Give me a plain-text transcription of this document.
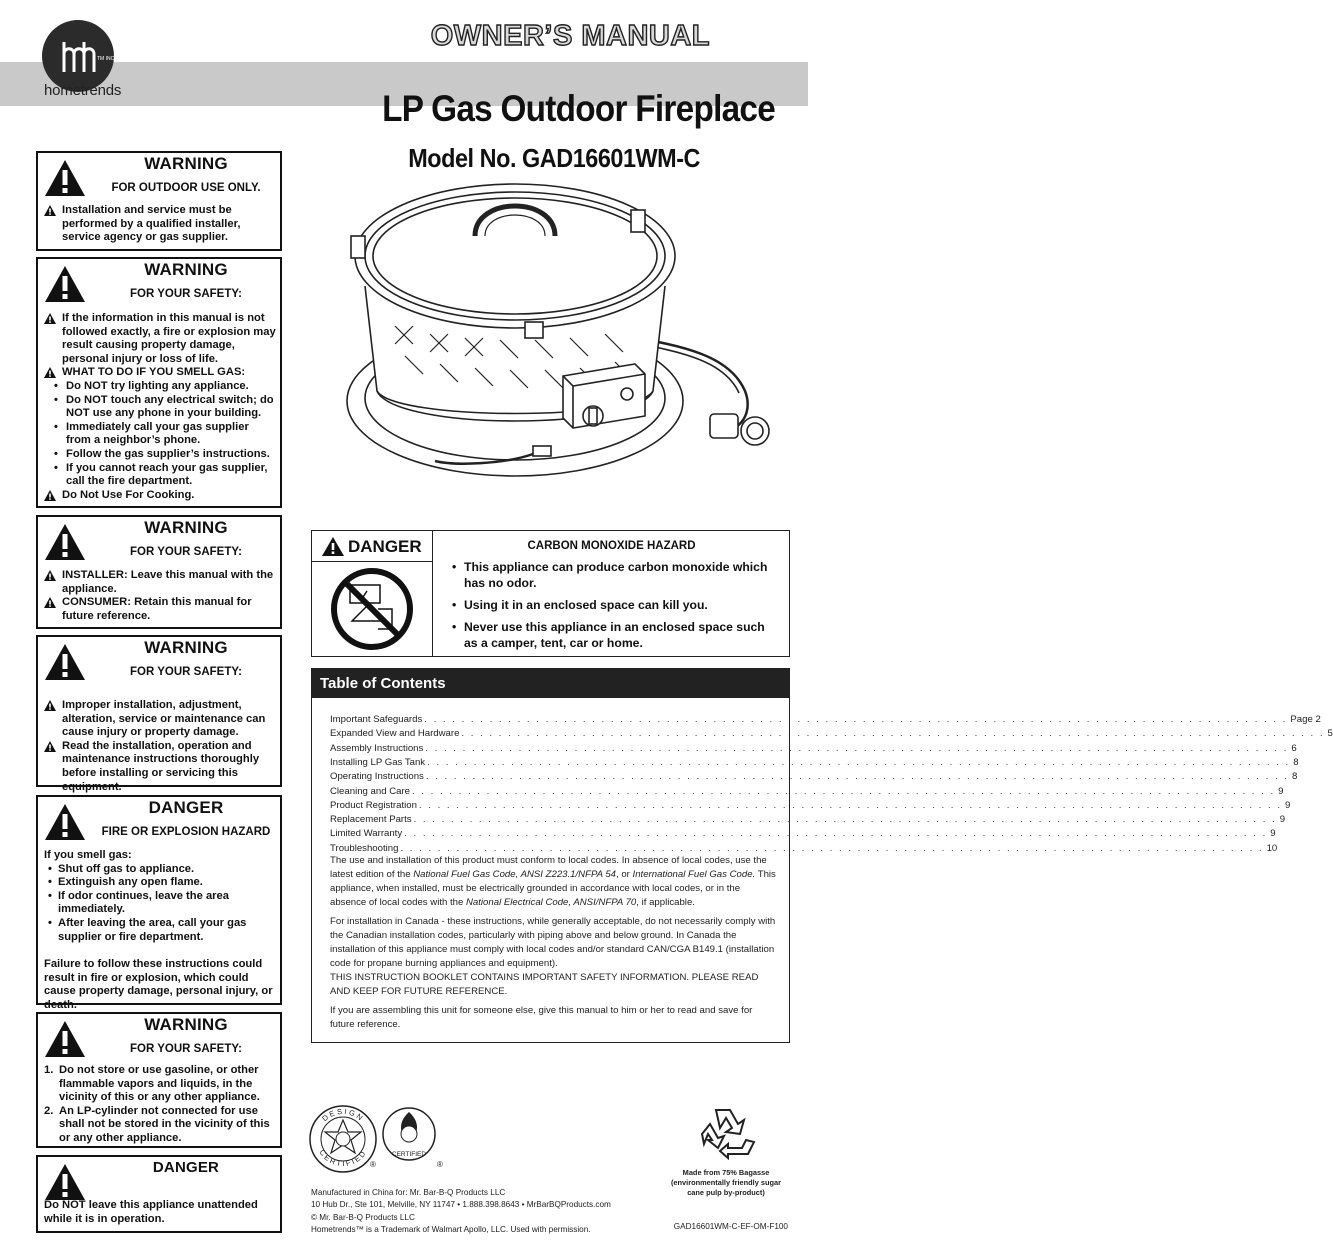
TM INC
hometrends
OWNER’S MANUAL
LP Gas Outdoor Fireplace
Model No. GAD16601WM-C
WARNING
FOR OUTDOOR USE ONLY.

Installation and service must be performed by a qualified installer, service agency or gas supplier.

WARNING
FOR YOUR SAFETY:

If the information in this manual is not followed exactly, a fire or explosion may result causing property damage, personal injury or loss of life.

WHAT TO DO IF YOU SMELL GAS:

• Do NOT try lighting any appliance.

• Do NOT touch any electrical switch; do NOT use any phone in your building.

• Immediately call your gas supplier from a neighbor’s phone.

• Follow the gas supplier’s instructions.

• If you cannot reach your gas supplier, call the fire department.

Do Not Use For Cooking.

WARNING
FOR YOUR SAFETY:

INSTALLER: Leave this manual with the appliance.

CONSUMER: Retain this manual for future reference.

WARNING
FOR YOUR SAFETY:

Improper installation, adjustment, alteration, service or maintenance can cause injury or property damage.

Read the installation, operation and maintenance instructions thoroughly before installing or servicing this equipment.

DANGER
FIRE OR EXPLOSION HAZARD

If you smell gas:

• Shut off gas to appliance.

• Extinguish any open flame.

• If odor continues, leave the area immediately.

• After leaving the area, call your gas supplier or fire department.

Failure to follow these instructions could result in fire or explosion, which could cause property damage, personal injury, or death.

WARNING
FOR YOUR SAFETY:

1. Do not store or use gasoline, or other flammable vapors and liquids, in the vicinity of this or any other appliance.

2. An LP-cylinder not connected for use shall not be stored in the vicinity of this or any other appliance.

DANGER
Do NOT leave this appliance unattended while it is in operation.
DANGER	CARBON MONOXIDE HAZARD
• This appliance can produce carbon monoxide which has no odor.
• Using it in an enclosed space can kill you.
• Never use this appliance in an enclosed space such as a camper, tent, car or home.
Table of Contents
Important Safeguards . . . . . . . . . . . . . . . . . . . . . . . . . . . . . . . . . . . . . . . . . . . . . . . . . . . . . . . . . . . . . . . . . . . . . . . . . . . . . . . . . . . . . . . . . . . . . Page 2
Expanded View and Hardware . . . . . . . . . . . . . . . . . . . . . . . . . . . . . . . . . . . . . . . . . . . . . . . . . . . . . . . . . . . . . . . . . . . . . . . . . . . . . . . . . . . . . . . . . . . . . 5
Assembly Instructions . . . . . . . . . . . . . . . . . . . . . . . . . . . . . . . . . . . . . . . . . . . . . . . . . . . . . . . . . . . . . . . . . . . . . . . . . . . . . . . . . . . . . . . . . . . . . 6
Installing LP Gas Tank . . . . . . . . . . . . . . . . . . . . . . . . . . . . . . . . . . . . . . . . . . . . . . . . . . . . . . . . . . . . . . . . . . . . . . . . . . . . . . . . . . . . . . . . . . . . . 8
Operating Instructions . . . . . . . . . . . . . . . . . . . . . . . . . . . . . . . . . . . . . . . . . . . . . . . . . . . . . . . . . . . . . . . . . . . . . . . . . . . . . . . . . . . . . . . . . . . . . 8
Cleaning and Care . . . . . . . . . . . . . . . . . . . . . . . . . . . . . . . . . . . . . . . . . . . . . . . . . . . . . . . . . . . . . . . . . . . . . . . . . . . . . . . . . . . . . . . . . . . . . 9
Product Registration . . . . . . . . . . . . . . . . . . . . . . . . . . . . . . . . . . . . . . . . . . . . . . . . . . . . . . . . . . . . . . . . . . . . . . . . . . . . . . . . . . . . . . . . . . . . . 9
Replacement Parts . . . . . . . . . . . . . . . . . . . . . . . . . . . . . . . . . . . . . . . . . . . . . . . . . . . . . . . . . . . . . . . . . . . . . . . . . . . . . . . . . . . . . . . . . . . . . 9
Limited Warranty . . . . . . . . . . . . . . . . . . . . . . . . . . . . . . . . . . . . . . . . . . . . . . . . . . . . . . . . . . . . . . . . . . . . . . . . . . . . . . . . . . . . . . . . . . . . . 9
Troubleshooting . . . . . . . . . . . . . . . . . . . . . . . . . . . . . . . . . . . . . . . . . . . . . . . . . . . . . . . . . . . . . . . . . . . . . . . . . . . . . . . . . . . . . . . . . . . . . 10
The use and installation of this product must conform to local codes. In absence of local codes, use the latest edition of the National Fuel Gas Code, ANSI Z223.1/NFPA 54, or International Fuel Gas Code. This appliance, when installed, must be electrically grounded in accordance with local codes, or in the absence of local codes with the National Electrical Code, ANSI/NFPA 70, if applicable.
For installation in Canada - these instructions, while generally acceptable, do not necessarily comply with the Canadian installation codes, particularly with piping above and below ground. In Canada the installation of this appliance must comply with local codes and/or standard CAN/CGA B149.1 (installation code for propane burning appliances and equipment).
THIS INSTRUCTION BOOKLET CONTAINS IMPORTANT SAFETY INFORMATION. PLEASE READ AND KEEP FOR FUTURE REFERENCE.
If you are assembling this unit for someone else, give this manual to him or her to read and save for future reference.
DESIGN
CERTIFIED
®
CERTIFIED
®
Made from 75% Bagasse
(environmentally friendly sugar
cane pulp by-product)
Manufactured in China for: Mr. Bar-B-Q Products LLC
10 Hub Dr., Ste 101, Melville, NY 11747 • 1.888.398.8643 • MrBarBQProducts.com
© Mr. Bar-B-Q Products LLC
Hometrends™ is a Trademark of Walmart Apollo, LLC. Used with permission.	GAD16601WM-C-EF-OM-F100
